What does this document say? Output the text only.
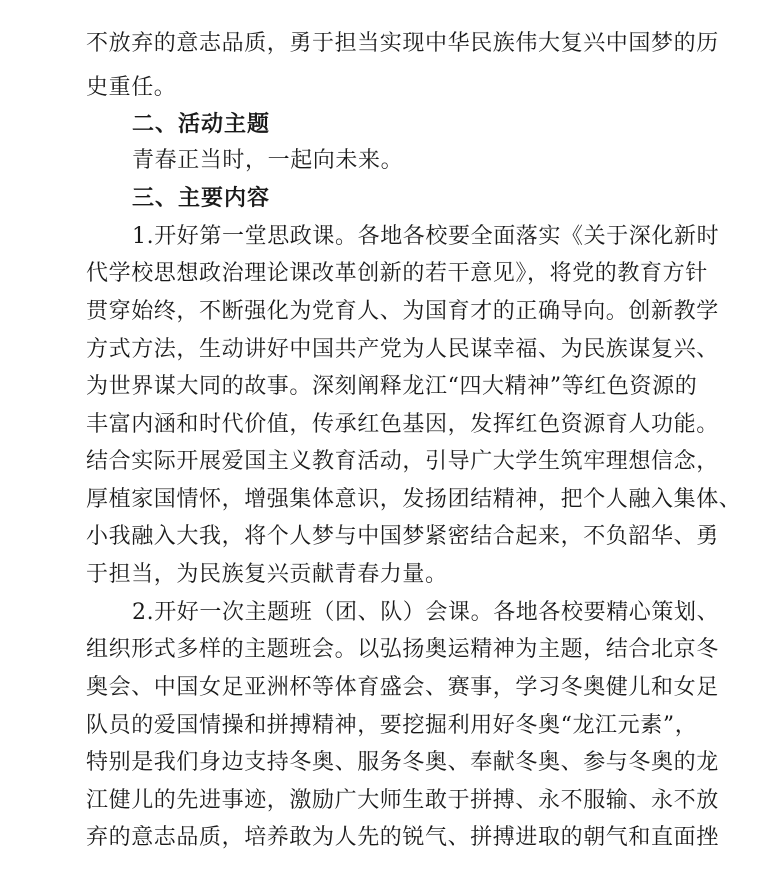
不放弃的意志品质，勇于担当实现中华民族伟大复兴中国梦的历
史重任。
二、活动主题
青春正当时，一起向未来。
三、主要内容
1.开好第一堂思政课。各地各校要全面落实《关于深化新时
代学校思想政治理论课改革创新的若干意见》，将党的教育方针
贯穿始终，不断强化为党育人、为国育才的正确导向。创新教学
方式方法，生动讲好中国共产党为人民谋幸福、为民族谋复兴、
为世界谋大同的故事。深刻阐释龙江“四大精神”等红色资源的
丰富内涵和时代价值，传承红色基因，发挥红色资源育人功能。
结合实际开展爱国主义教育活动，引导广大学生筑牢理想信念，
厚植家国情怀，增强集体意识，发扬团结精神，把个人融入集体、
小我融入大我，将个人梦与中国梦紧密结合起来，不负韶华、勇
于担当，为民族复兴贡献青春力量。
2.开好一次主题班（团、队）会课。各地各校要精心策划、
组织形式多样的主题班会。以弘扬奥运精神为主题，结合北京冬
奥会、中国女足亚洲杯等体育盛会、赛事，学习冬奥健儿和女足
队员的爱国情操和拼搏精神，要挖掘利用好冬奥“龙江元素”，
特别是我们身边支持冬奥、服务冬奥、奉献冬奥、参与冬奥的龙
江健儿的先进事迹，激励广大师生敢于拼搏、永不服输、永不放
弃的意志品质，培养敢为人先的锐气、拼搏进取的朝气和直面挫
